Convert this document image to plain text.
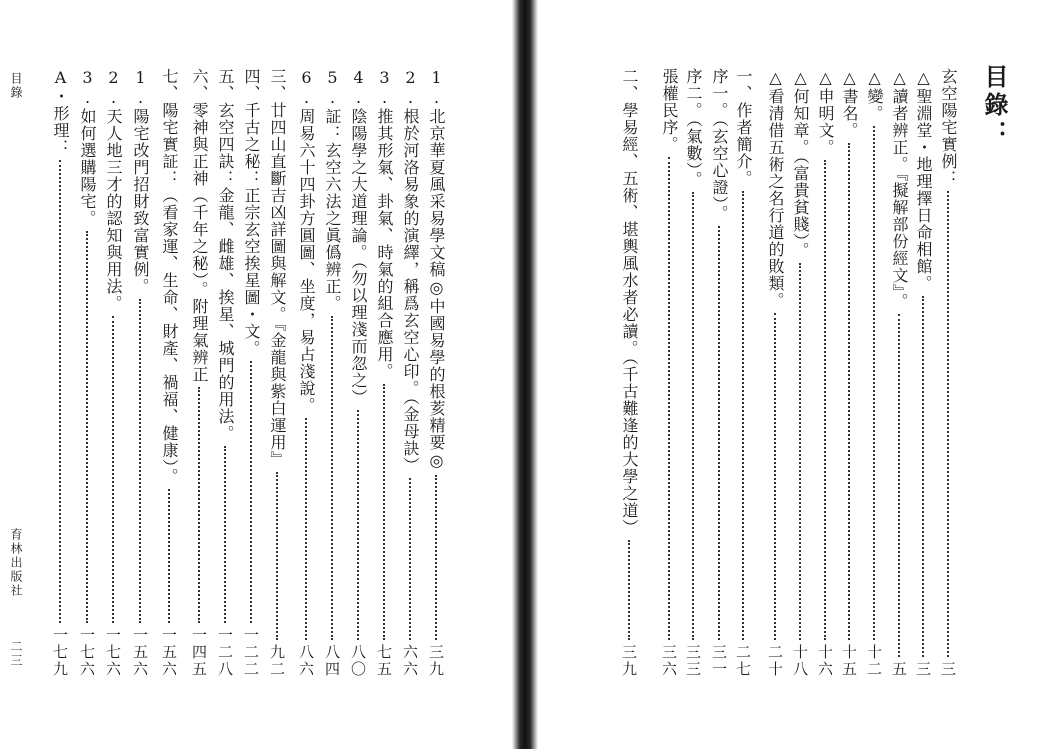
目錄	1.北京華夏風采易學文稿◎中國易學的根荄精要◎
三九
2.根於河洛易象的演繹，稱爲玄空心印。（金母訣）
六六
3.推其形氣、卦氣、時氣的組合應用。
七五
4.陰陽學之大道理論。（勿以理淺而忽之）
八〇
5.証：玄空六法之眞僞辨正。
八四
6.周易六十四卦方圓圖、坐度，易占淺說。
八六
三、廿四山直斷吉凶詳圖與解文。『金龍與紫白運用』
九二
四、千古之秘：正宗玄空挨星圖・文。
一二二
五、玄空四訣：金龍、雌雄、挨星、城門的用法。
一二八
六、零神與正神（千年之秘）。附理氣辨正
一四五
七、陽宅實証：（看家運、生命、財產、禍福、健康）。
一五六
1.陽宅改門招財致富實例。
一五六
2.天人地三才的認知與用法。
一七六
3.如何選購陽宅。
一七六
A・形理：
一七九
育林出版社
二三
目錄：
玄空陽宅實例：
三
△聖淵堂・地理擇日命相館。
三
△讀者辨正。『擬解部份經文』。
五
△變。
十二
△書名。
十五
△申明文。
十六
△何知章。（富貴貧賤）。
十八
△看清借五術之名行道的敗類。
二十
一、作者簡介。
二七
序一。（玄空心證）。
三一
序二。（氣數）。
三三
張權民序。
三六
二、學易經、五術、堪輿風水者必讀。（千古難逢的大學之道）
三九
